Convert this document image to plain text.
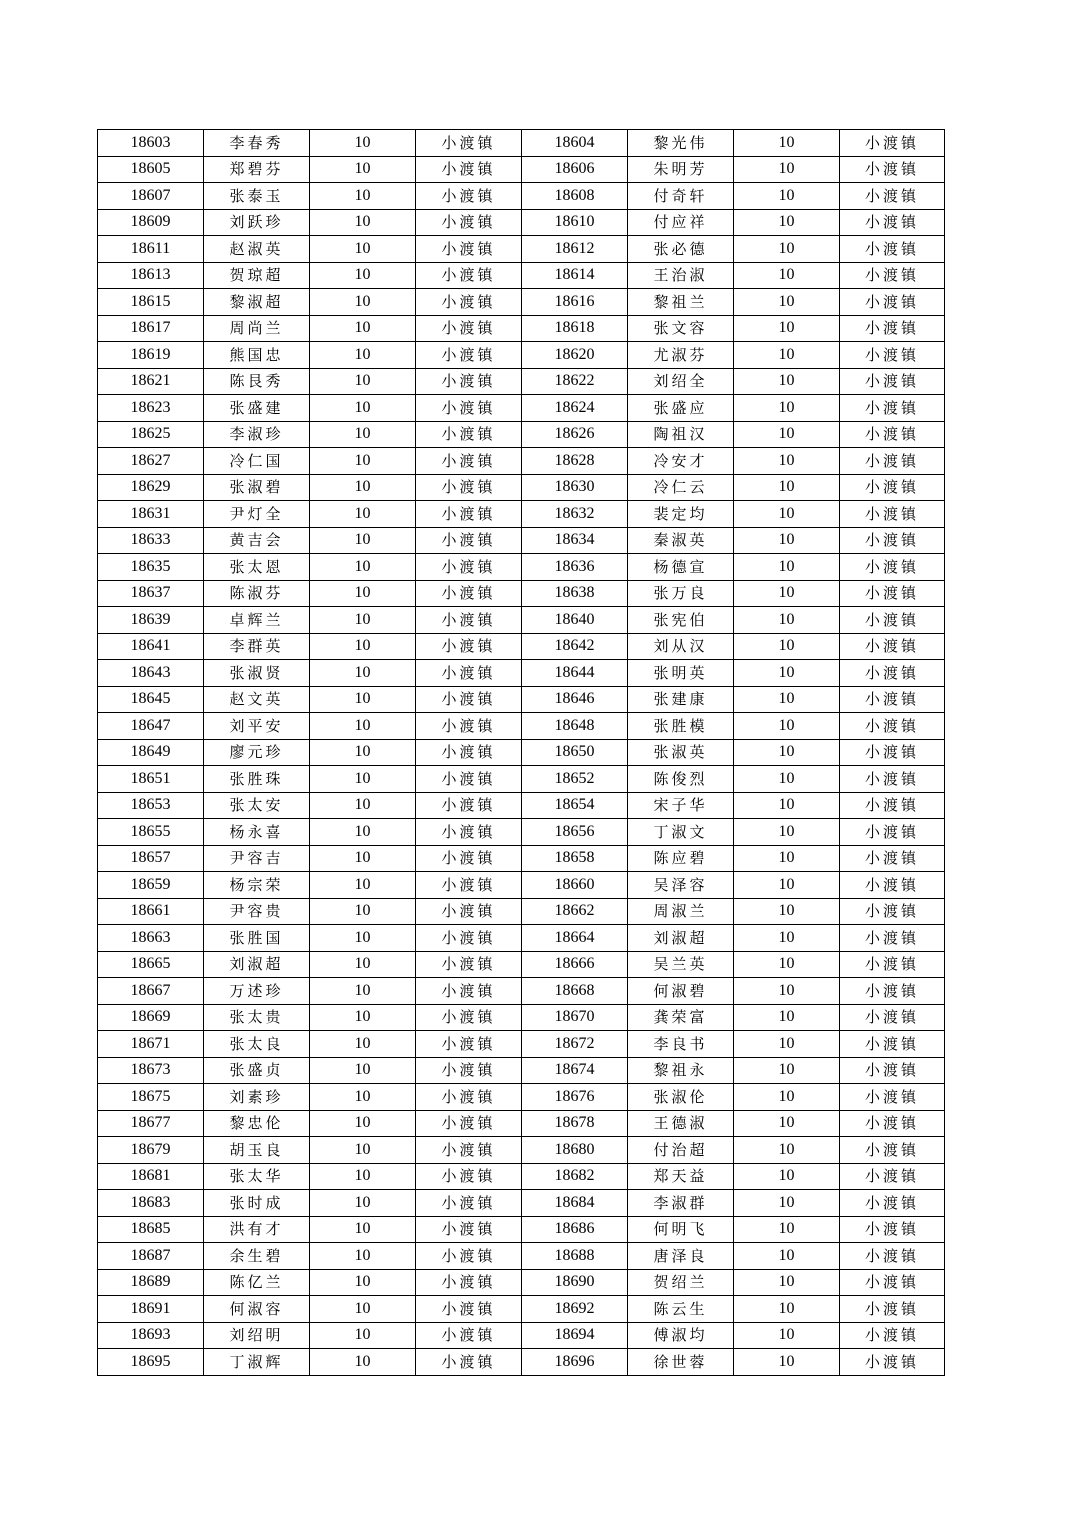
18603	李春秀	10	小渡镇	18604	黎光伟	10	小渡镇
18605	郑碧芬	10	小渡镇	18606	朱明芳	10	小渡镇
18607	张泰玉	10	小渡镇	18608	付奇轩	10	小渡镇
18609	刘跃珍	10	小渡镇	18610	付应祥	10	小渡镇
18611	赵淑英	10	小渡镇	18612	张必德	10	小渡镇
18613	贺琼超	10	小渡镇	18614	王治淑	10	小渡镇
18615	黎淑超	10	小渡镇	18616	黎祖兰	10	小渡镇
18617	周尚兰	10	小渡镇	18618	张文容	10	小渡镇
18619	熊国忠	10	小渡镇	18620	尤淑芬	10	小渡镇
18621	陈艮秀	10	小渡镇	18622	刘绍全	10	小渡镇
18623	张盛建	10	小渡镇	18624	张盛应	10	小渡镇
18625	李淑珍	10	小渡镇	18626	陶祖汉	10	小渡镇
18627	冷仁国	10	小渡镇	18628	冷安才	10	小渡镇
18629	张淑碧	10	小渡镇	18630	冷仁云	10	小渡镇
18631	尹灯全	10	小渡镇	18632	裴定均	10	小渡镇
18633	黄吉会	10	小渡镇	18634	秦淑英	10	小渡镇
18635	张太恩	10	小渡镇	18636	杨德宣	10	小渡镇
18637	陈淑芬	10	小渡镇	18638	张万良	10	小渡镇
18639	卓辉兰	10	小渡镇	18640	张宪伯	10	小渡镇
18641	李群英	10	小渡镇	18642	刘从汉	10	小渡镇
18643	张淑贤	10	小渡镇	18644	张明英	10	小渡镇
18645	赵文英	10	小渡镇	18646	张建康	10	小渡镇
18647	刘平安	10	小渡镇	18648	张胜模	10	小渡镇
18649	廖元珍	10	小渡镇	18650	张淑英	10	小渡镇
18651	张胜珠	10	小渡镇	18652	陈俊烈	10	小渡镇
18653	张太安	10	小渡镇	18654	宋子华	10	小渡镇
18655	杨永喜	10	小渡镇	18656	丁淑文	10	小渡镇
18657	尹容吉	10	小渡镇	18658	陈应碧	10	小渡镇
18659	杨宗荣	10	小渡镇	18660	吴泽容	10	小渡镇
18661	尹容贵	10	小渡镇	18662	周淑兰	10	小渡镇
18663	张胜国	10	小渡镇	18664	刘淑超	10	小渡镇
18665	刘淑超	10	小渡镇	18666	吴兰英	10	小渡镇
18667	万述珍	10	小渡镇	18668	何淑碧	10	小渡镇
18669	张太贵	10	小渡镇	18670	龚荣富	10	小渡镇
18671	张太良	10	小渡镇	18672	李良书	10	小渡镇
18673	张盛贞	10	小渡镇	18674	黎祖永	10	小渡镇
18675	刘素珍	10	小渡镇	18676	张淑伦	10	小渡镇
18677	黎忠伦	10	小渡镇	18678	王德淑	10	小渡镇
18679	胡玉良	10	小渡镇	18680	付治超	10	小渡镇
18681	张太华	10	小渡镇	18682	郑天益	10	小渡镇
18683	张时成	10	小渡镇	18684	李淑群	10	小渡镇
18685	洪有才	10	小渡镇	18686	何明飞	10	小渡镇
18687	余生碧	10	小渡镇	18688	唐泽良	10	小渡镇
18689	陈亿兰	10	小渡镇	18690	贺绍兰	10	小渡镇
18691	何淑容	10	小渡镇	18692	陈云生	10	小渡镇
18693	刘绍明	10	小渡镇	18694	傅淑均	10	小渡镇
18695	丁淑辉	10	小渡镇	18696	徐世蓉	10	小渡镇
